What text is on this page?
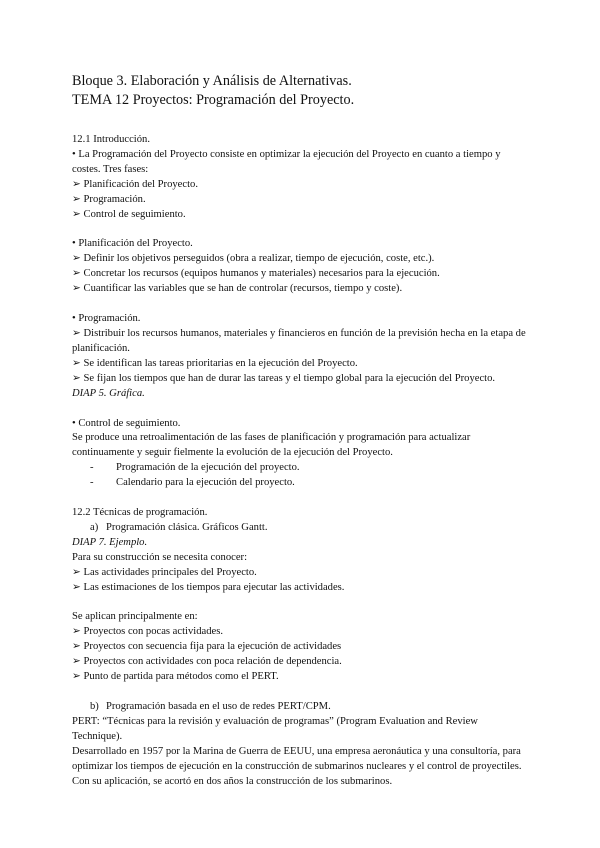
Bloque 3. Elaboración y Análisis de Alternativas.
TEMA 12 Proyectos: Programación del Proyecto.
12.1 Introducción.
• La Programación del Proyecto consiste en optimizar la ejecución del Proyecto en cuanto a tiempo y costes. Tres fases:
➢ Planificación del Proyecto.
➢ Programación.
➢ Control de seguimiento.
• Planificación del Proyecto.
➢ Definir los objetivos perseguidos (obra a realizar, tiempo de ejecución, coste, etc.).
➢ Concretar los recursos (equipos humanos y materiales) necesarios para la ejecución.
➢ Cuantificar las variables que se han de controlar (recursos, tiempo y coste).
• Programación.
➢ Distribuir los recursos humanos, materiales y financieros en función de la previsión hecha en la etapa de planificación.
➢ Se identifican las tareas prioritarias en la ejecución del Proyecto.
➢ Se fijan los tiempos que han de durar las tareas y el tiempo global para la ejecución del Proyecto.
DIAP 5. Gráfica.
• Control de seguimiento.
Se produce una retroalimentación de las fases de planificación y programación para actualizar continuamente y seguir fielmente la evolución de la ejecución del Proyecto.
- Programación de la ejecución del proyecto.
- Calendario para la ejecución del proyecto.
12.2 Técnicas de programación.
a) Programación clásica. Gráficos Gantt.
DIAP 7. Ejemplo.
Para su construcción se necesita conocer:
➢ Las actividades principales del Proyecto.
➢ Las estimaciones de los tiempos para ejecutar las actividades.
Se aplican principalmente en:
➢ Proyectos con pocas actividades.
➢ Proyectos con secuencia fija para la ejecución de actividades
➢ Proyectos con actividades con poca relación de dependencia.
➢ Punto de partida para métodos como el PERT.
b) Programación basada en el uso de redes PERT/CPM.
PERT: “Técnicas para la revisión y evaluación de programas” (Program Evaluation and Review Technique).
Desarrollado en 1957 por la Marina de Guerra de EEUU, una empresa aeronáutica y una consultoría, para optimizar los tiempos de ejecución en la construcción de submarinos nucleares y el control de proyectiles. Con su aplicación, se acortó en dos años la construcción de los submarinos.
